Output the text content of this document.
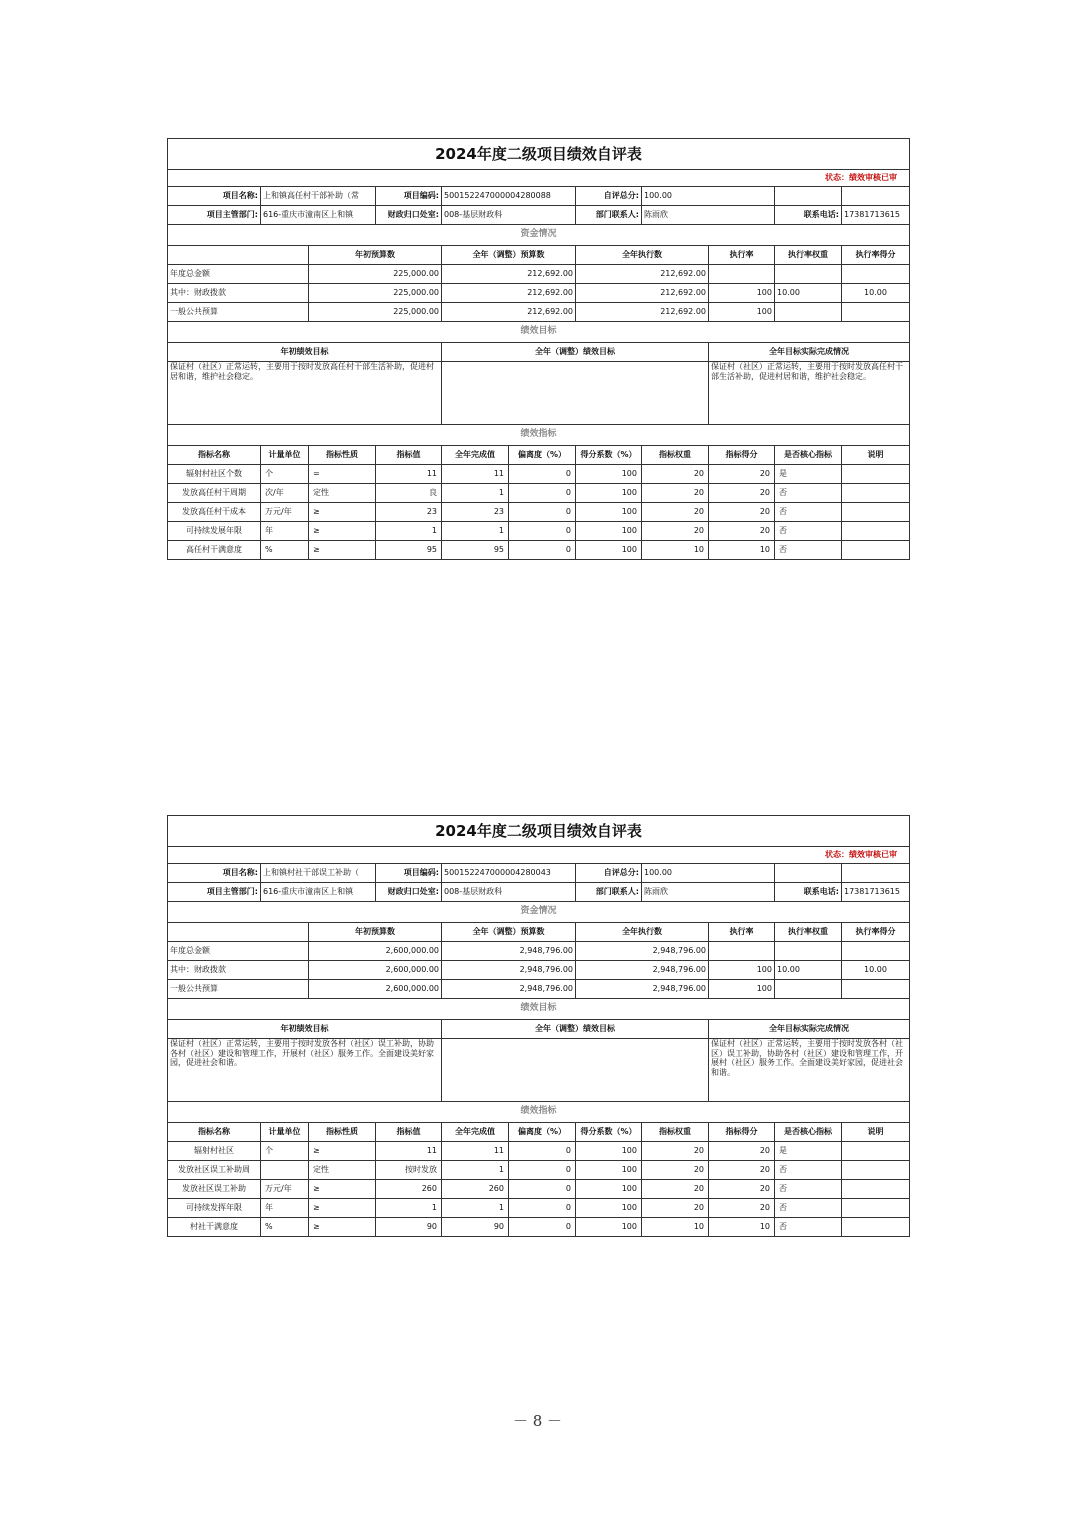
2024年度二级项目绩效自评表										
状态：绩效审核已审										
项目名称:	上和镇高任村干部补助（常		项目编码:	500152247000004280088		自评总分:	100.00			
项目主管部门:	616-重庆市潼南区上和镇		财政归口处室:	008-基层财政科		部门联系人:	陈雨欣		联系电话:	17381713615
资金情况										
		年初预算数		全年（调整）预算数		全年执行数		执行率	执行率权重	执行率得分
年度总金额		225,000.00		212,692.00		212,692.00				
其中：财政拨款		225,000.00		212,692.00		212,692.00		100	10.00	10.00
一般公共预算		225,000.00		212,692.00		212,692.00		100		
绩效目标										
年初绩效目标				全年（调整）绩效目标				全年目标实际完成情况		
保证村（社区）正常运转，主要用于按时发放高任村干部生活补助，促进村居和谐，维护社会稳定。								保证村（社区）正常运转，主要用于按时发放高任村干部生活补助，促进村居和谐，维护社会稳定。		
绩效指标										
指标名称	计量单位	指标性质	指标值	全年完成值	偏离度（%）	得分系数（%）	指标权重	指标得分	是否核心指标	说明
辐射村社区个数	个	=	11	11	0	100	20	20	是	
发放高任村干周期	次/年	定性	良	1	0	100	20	20	否	
发放高任村干成本	万元/年	≥	23	23	0	100	20	20	否	
可持续发展年限	年	≥	1	1	0	100	20	20	否	
高任村干满意度	%	≥	95	95	0	100	10	10	否	
2024年度二级项目绩效自评表										
状态：绩效审核已审										
项目名称:	上和镇村社干部误工补助（		项目编码:	500152247000004280043		自评总分:	100.00			
项目主管部门:	616-重庆市潼南区上和镇		财政归口处室:	008-基层财政科		部门联系人:	陈雨欣		联系电话:	17381713615
资金情况										
		年初预算数		全年（调整）预算数		全年执行数		执行率	执行率权重	执行率得分
年度总金额		2,600,000.00		2,948,796.00		2,948,796.00				
其中：财政拨款		2,600,000.00		2,948,796.00		2,948,796.00		100	10.00	10.00
一般公共预算		2,600,000.00		2,948,796.00		2,948,796.00		100		
绩效目标										
年初绩效目标				全年（调整）绩效目标				全年目标实际完成情况		
保证村（社区）正常运转，主要用于按时发放各村（社区）误工补助，协助各村（社区）建设和管理工作，开展村（社区）服务工作。全面建设美好家园，促进社会和谐。								保证村（社区）正常运转，主要用于按时发放各村（社区）误工补助，协助各村（社区）建设和管理工作，开展村（社区）服务工作。全面建设美好家园，促进社会和谐。		
绩效指标										
指标名称	计量单位	指标性质	指标值	全年完成值	偏离度（%）	得分系数（%）	指标权重	指标得分	是否核心指标	说明
辐射村社区	个	≥	11	11	0	100	20	20	是	
发放社区误工补助周		定性	按时发放	1	0	100	20	20	否	
发放社区误工补助	万元/年	≥	260	260	0	100	20	20	否	
可持续发挥年限	年	≥	1	1	0	100	20	20	否	
村社干满意度	%	≥	90	90	0	100	10	10	否	
－ 8 －
